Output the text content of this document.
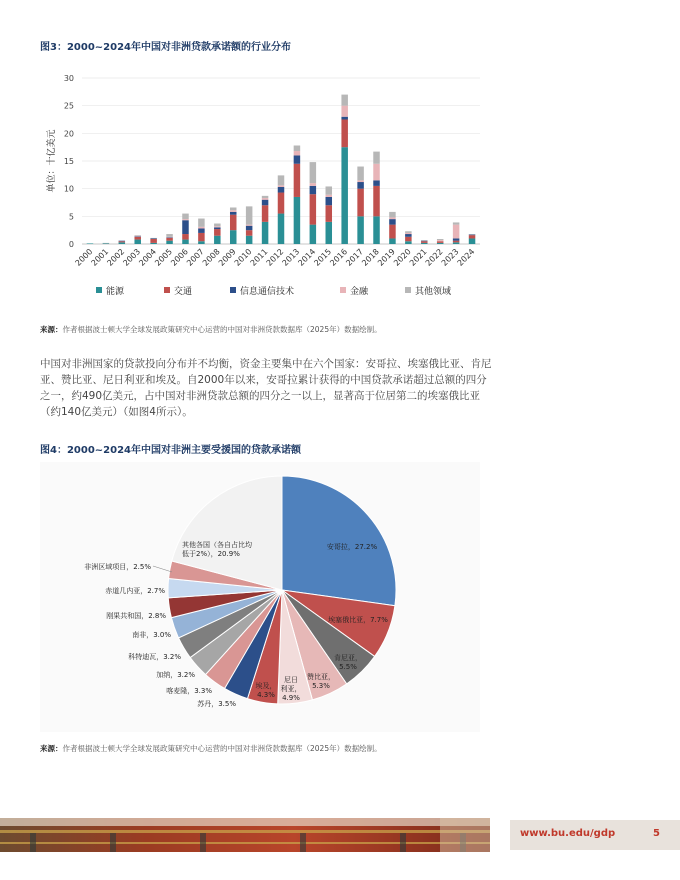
图3：2000~2024年中国对非洲贷款承诺额的行业分布
0
5
10
15
20
25
30
单位：十亿美元
2000
2001
2002
2003
2004
2005
2006
2007
2008
2009
2010
2011
2012
2013
2014
2015
2016
2017
2018
2019
2020
2021
2022
2023
2024
能源	交通	信息通信技术	金融	其他领域
来源：作者根据波士顿大学全球发展政策研究中心运营的中国对非洲贷款数据库（2025年）数据绘制。
中国对非洲国家的贷款投向分布并不均衡，资金主要集中在六个国家：安哥拉、埃塞俄比亚、肯尼亚、赞比亚、尼日利亚和埃及。自2000年以来，安哥拉累计获得的中国贷款承诺超过总额的四分之一，约490亿美元，占中国对非洲贷款总额的四分之一以上，显著高于位居第二的埃塞俄比亚（约140亿美元）（如图4所示）。
图4：2000~2024年中国对非洲主要受援国的贷款承诺额
安哥拉，27.2%
埃塞俄比亚，7.7%
肯尼亚， 5.5%
赞比亚， 5.3%
尼日利亚， 4.9%
埃及， 4.3%
苏丹，3.5%
喀麦隆，3.3%
加纳，3.2%
科特迪瓦，3.2%
南非，3.0%
刚果共和国，2.8%
赤道几内亚，2.7%
非洲区域项目，2.5%
其他各国（各自占比均低于2%），20.9%
来源：作者根据波士顿大学全球发展政策研究中心运营的中国对非洲贷款数据库（2025年）数据绘制。
www.bu.edu/gdp	5
